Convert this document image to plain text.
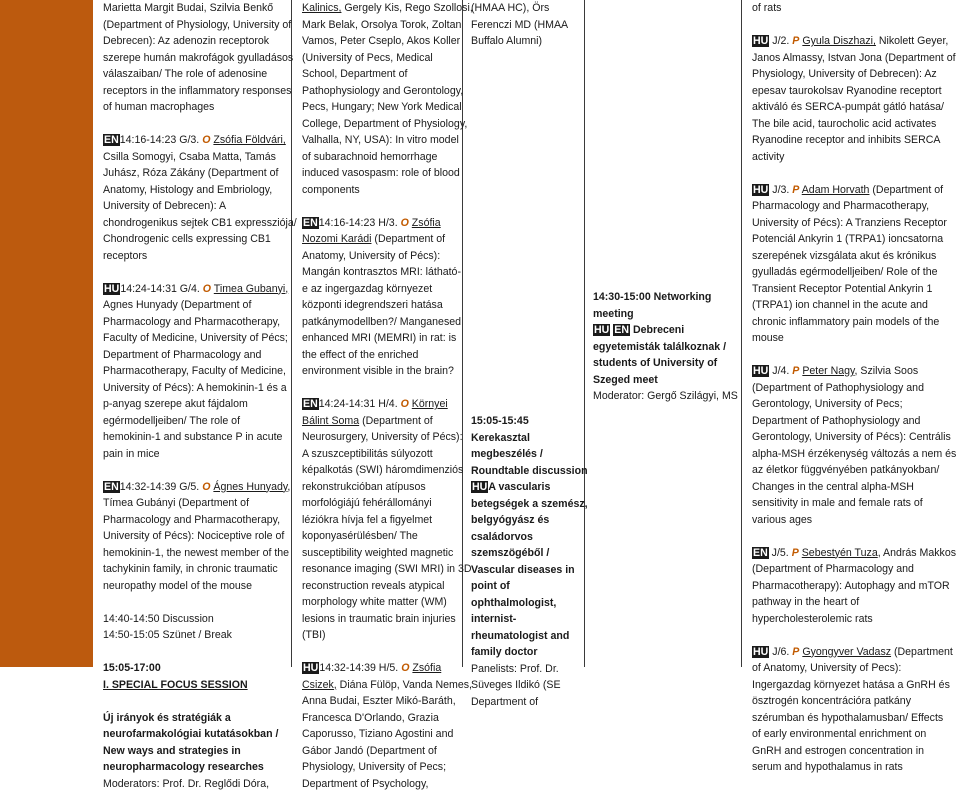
Marietta Margit Budai, Szilvia Benkő
(Department of Physiology, University of
Debrecen): Az adenozin receptorok
szerepe humán makrofágok gyulladásos
válaszaiban/ The role of adenosine
receptors in the inflammatory responses
of human macrophages
EN14:16-14:23 G/3. O Zsófia Földvári,
Csilla Somogyi, Csaba Matta, Tamás
Juhász, Róza Zákány (Department of
Anatomy, Histology and Embriology,
University of Debrecen): A
chondrogenikus sejtek CB1 expressziója/
Chondrogenic cells expressing CB1
receptors
HU14:24-14:31 G/4. O Timea Gubanyi,
Agnes Hunyady (Department of
Pharmacology and Pharmacotherapy,
Faculty of Medicine, University of Pécs;
Department of Pharmacology and
Pharmacotherapy, Faculty of Medicine,
University of Pécs): A hemokinin-1 és a
p-anyag szerepe akut fájdalom
egérmodelljeiben/ The role of
hemokinin-1 and substance P in acute
pain in mice
EN14:32-14:39 G/5. O Ágnes Hunyady,
Tímea Gubányi (Department of
Pharmacology and Pharmacotherapy,
University of Pécs): Nociceptive role of
hemokinin-1, the newest member of the
tachykinin family, in chronic traumatic
neuropathy model of the mouse
14:40-14:50 Discussion
14:50-15:05 Szünet / Break
15:05-17:00
I. SPECIAL FOCUS SESSION
Új irányok és stratégiák a
neurofarmakológiai kutatásokban /
New ways and strategies in
neuropharmacology researches
Moderators: Prof. Dr. Reglődi Dóra,
Kalinics, Gergely Kis, Rego Szollosi,
Mark Belak, Orsolya Torok, Zoltan
Vamos, Peter Cseplo, Akos Koller
(University of Pecs, Medical
School, Department of
Pathophysiology and Gerontology,
Pecs, Hungary; New York Medical
College, Department of Physiology,
Valhalla, NY, USA): In vitro model
of subarachnoid hemorrhage
induced vasospasm: role of blood
components
EN14:16-14:23 H/3. O Zsófia
Nozomi Karádi (Department of
Anatomy, University of Pécs):
Mangán kontrasztos MRI: látható-
e az ingergazdag környezet
központi idegrendszeri hatása
patkánymodellben?/ Manganesed
enhanced MRI (MEMRI) in rat: is
the effect of the enriched
environment visible in the brain?
EN14:24-14:31 H/4. O Környei
Bálint Soma (Department of
Neurosurgery, University of Pécs):
A szuszceptibilitás súlyozott
képalkotás (SWI) háromdimenziós
rekonstrukcióban atípusos
morfológiájú fehérállományi
léziókra hívja fel a figyelmet
koponyasérülésben/ The
susceptibility weighted magnetic
resonance imaging (SWI MRI) in 3D
reconstruction reveals atypical
morphology white matter (WM)
lesions in traumatic brain injuries
(TBI)
HU14:32-14:39 H/5. O Zsófia
Csizek, Diána Fülöp, Vanda Nemes,
Anna Budai, Eszter Mikó-Baráth,
Francesca D'Orlando, Grazia
Caporusso, Tiziano Agostini and
Gábor Jandó (Department of
Physiology, University of Pecs;
Department of Psychology,
(HMAA HC), Örs
Ferenczi MD (HMAA
Buffalo Alumni)
15:05-15:45
Kerekasztal
megbeszélés /
Roundtable discussion
HUA vascularis
betegségek a szemész,
belgyógyász és
családorvos
szemszögéből /
Vascular diseases in
point of
ophthalmologist,
internist-
rheumatologist and
family doctor
Panelists: Prof. Dr.
Süveges Ildikó (SE
Department of
14:30-15:00 Networking
meeting
HU EN Debreceni
egyetemisták találkoznak /
students of University of
Szeged meet
Moderator: Gergő Szilágyi, MS
of rats
HU J/2. P Gyula Diszhazi, Nikolett Geyer,
Janos Almassy, Istvan Jona (Department of
Physiology, University of Debrecen): Az
epesav taurokolsav Ryanodine receptort
aktiváló és SERCA-pumpát gátló hatása/
The bile acid, taurocholic acid activates
Ryanodine receptor and inhibits SERCA
activity
HU J/3. P Adam Horvath (Department of
Pharmacology and Pharmacotherapy,
University of Pécs): A Tranziens Receptor
Potenciál Ankyrin 1 (TRPA1) ioncsatorna
szerepének vizsgálata akut és krónikus
gyulladás egérmodelljeiben/ Role of the
Transient Receptor Potential Ankyrin 1
(TRPA1) ion channel in the acute and
chronic inflammatory pain models of the
mouse
HU J/4. P Peter Nagy, Szilvia Soos
(Department of Pathophysiology and
Gerontology, University of Pecs;
Department of Pathophysiology and
Gerontology, University of Pécs): Centrális
alpha-MSH érzékenység változás a nem és
az életkor függvényében patkányokban/
Changes in the central alpha-MSH
sensitivity in male and female rats of
various ages
EN J/5. P Sebestyén Tuza, András Makkos
(Department of Pharmacology and
Pharmacotherapy): Autophagy and mTOR
pathway in the heart of
hypercholesterolemic rats
HU J/6. P Gyongyver Vadasz (Department
of Anatomy, University of Pecs):
Ingergazdag környezet hatása a GnRH és
ösztrogén koncentrációra patkány
szérumban és hypothalamusban/ Effects
of early environmental enrichment on
GnRH and estrogen concentration in
serum and hypothalamus in rats
